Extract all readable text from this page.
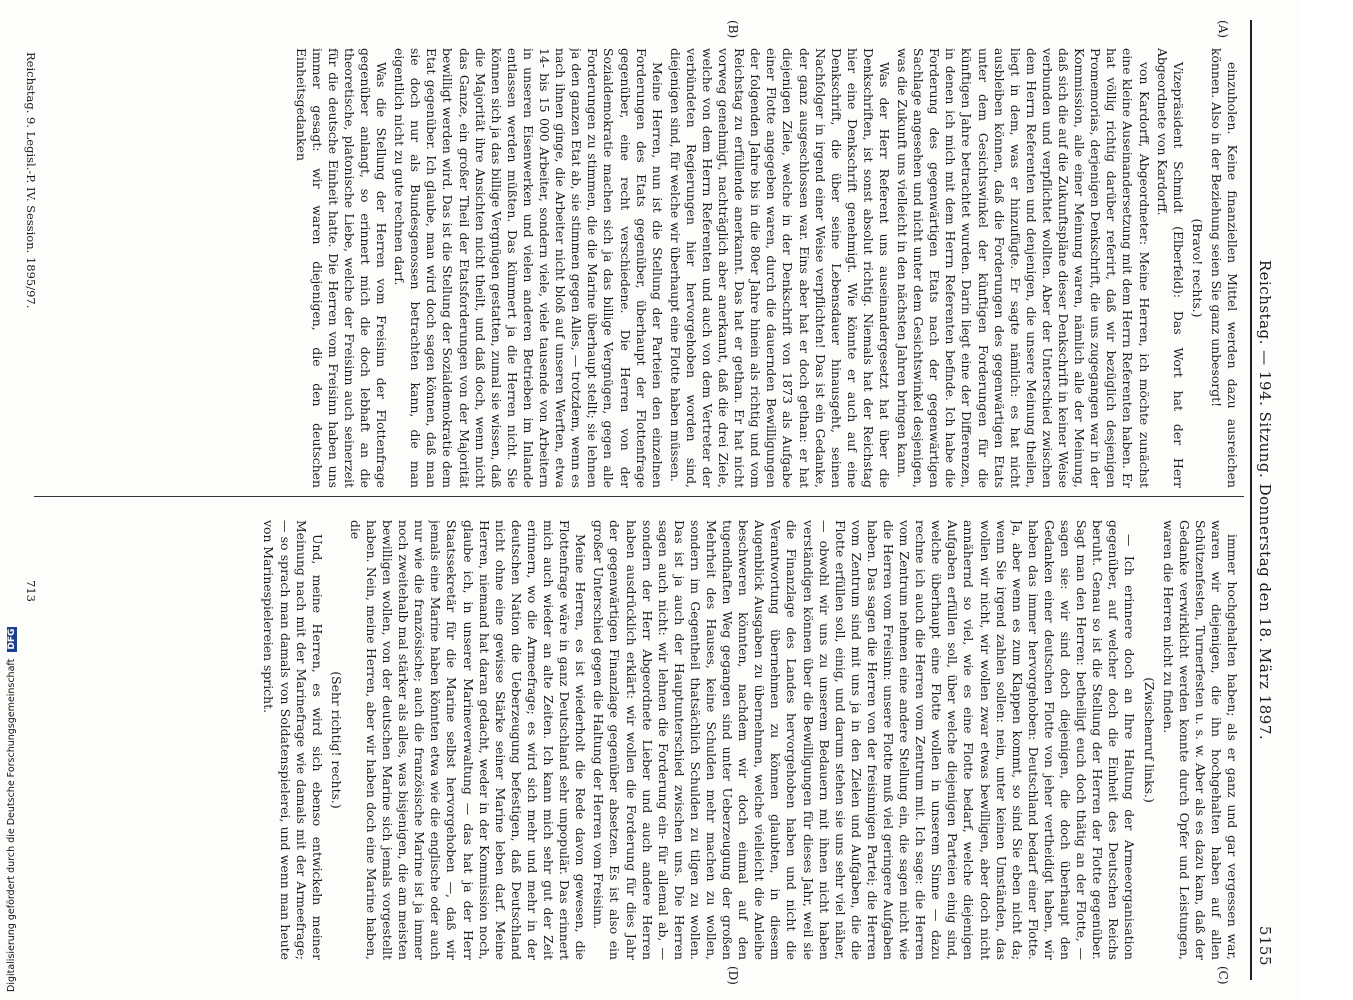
Reichstag. — 194. Sitzung. Donnerstag den 18. März 1897.
5155
(A)
(B)
(C)
(D)

einzuholen. Keine finanziellen Mittel werden dazu ausreichen können. Also in der Beziehung seien Sie ganz unbesorgt!

(Bravo! rechts.)

Vizepräsident Schmidt (Elberfeld): Das Wort hat der Herr Abgeordnete von Kardorff.

von Kardorff, Abgeordneter: Meine Herren, ich möchte zunächst eine kleine Auseinandersetzung mit dem Herrn Referenten haben. Er hat völlig richtig darüber referirt, daß wir bezüglich desjenigen Promemorias, derjenigen Denkschrift, die uns zugegangen war in der Kommission, alle einer Meinung waren, nämlich alle der Meinung, daß sich die auf die Zukunftspläne dieser Denkschrift in keiner Weise verbunden und verpflichtet wollten. Aber der Unterschied zwischen dem Herrn Referenten und denjenigen, die unsere Meinung theilen, liegt in dem, was er hinzufügte. Er sagte nämlich: es hat nicht ausbleiben können, daß die Forderungen des gegenwärtigen Etats unter dem Gesichtswinkel der künftigen Forderungen für die künftigen Jahre betrachtet wurden. Darin liegt eine der Differenzen, in denen ich mich mit dem Herrn Referenten befinde. Ich habe die Forderung des gegenwärtigen Etats nach der gegenwärtigen Sachlage angesehen und nicht unter dem Gesichtswinkel desjenigen, was die Zukunft uns vielleicht in den nächsten Jahren bringen kann.

Was der Herr Referent uns auseinandergesetzt hat über die Denkschriften, ist sonst absolut richtig. Niemals hat der Reichstag hier eine Denkschrift genehmigt. Wie könnte er auch auf eine Denkschrift, die über seine Lebensdauer hinausgeht, seinen Nachfolger in irgend einer Weise verpflichten! Das ist ein Gedanke, der ganz ausgeschlossen war. Eins aber hat er doch gethan: er hat diejenigen Ziele, welche in der Denkschrift von 1873 als Aufgabe einer Flotte angegeben waren, durch die dauernden Bewilligungen der folgenden Jahre bis in die 80er Jahre hinein als richtig und vom Reichstag zu erfüllende anerkannt. Das hat er gethan. Er hat nicht vorweg genehmigt, nachträglich aber anerkannt, daß die drei Ziele, welche von dem Herrn Referenten und auch von dem Vertreter der verbündeten Regierungen hier hervorgehoben worden sind, diejenigen sind, für welche wir überhaupt eine Flotte haben müssen.

Meine Herren, nun ist die Stellung der Parteien den einzelnen Forderungen des Etats gegenüber, überhaupt der Flottenfrage gegenüber, eine recht verschiedene. Die Herren von der Sozialdemokratie machen sich ja das billige Vergnügen, gegen alle Forderungen zu stimmen, die die Marine überhaupt stellt; sie lehnen ja den ganzen Etat ab, sie stimmen gegen Alles, — trotzdem, wenn es nach ihnen ginge, die Arbeiter nicht bloß auf unseren Werften, etwa 14- bis 15 000 Arbeiter, sondern viele, viele tausende von Arbeitern in unseren Eisenwerken und vielen anderen Betrieben im Inlande entlassen werden müßten. Das kümmert ja die Herren nicht. Sie können sich ja das billige Vergnügen gestatten, zumal sie wissen, daß die Majorität ihre Ansichten nicht theilt, und daß doch, wenn nicht das Ganze, ein großer Theil der Etatsforderungen von der Majorität bewilligt werden wird. Das ist die Stellung der Sozialdemokratie dem Etat gegenüber. Ich glaube, man wird doch sagen können, daß man sie doch nur als Bundesgenossen betrachten kann, die man eigentlich nicht zu gute rechnen darf.

Was die Stellung der Herren vom Freisinn der Flottenfrage gegenüber anlangt, so erinnert mich die doch lebhaft an die theoretische, platonische Liebe, welche der Freisinn auch seinerzeit für die deutsche Einheit hatte. Die Herren vom Freisinn haben uns immer gesagt: wir waren diejenigen, die den deutschen Einheitsgedanken

immer hochgehalten haben; als er ganz und gar vergessen war, waren wir diejenigen, die ihn hochgehalten haben auf allen Schützenfesten, Turnerfesten u. s. w. Aber als es dazu kam, daß der Gedanke verwirklicht werden konnte durch Opfer und Leistungen, waren die Herren nicht zu finden.

(Zwischenruf links.)

— Ich erinnere doch an Ihre Haltung der Armeeorganisation gegenüber, auf welcher doch die Einheit des Deutschen Reichs beruht. Genau so ist die Stellung der Herren der Flotte gegenüber. Sagt man den Herren: betheiligt euch doch thätig an der Flotte, — sagen sie: wir sind doch diejenigen, die doch überhaupt den Gedanken einer deutschen Flotte von jeher vertheidigt haben, wir haben das immer hervorgehoben: Deutschland bedarf einer Flotte. Ja, aber wenn es zum Klappen kommt, so sind Sie eben nicht da; wenn Sie irgend zahlen sollen: nein, unter keinen Umständen, das wollen wir nicht, wir wollen zwar etwas bewilligen, aber doch nicht annähernd so viel, wie es eine Flotte bedarf, welche diejenigen Aufgaben erfüllen soll, über welche diejenigen Parteien einig sind, welche überhaupt eine Flotte wollen in unserem Sinne — dazu rechne ich auch die Herren vom Zentrum mit. Ich sage: die Herren vom Zentrum nehmen eine andere Stellung ein, die sagen nicht wie die Herren vom Freisinn: unsere Flotte muß viel geringere Aufgaben haben. Das sagen die Herren von der freisinnigen Partei; die Herren vom Zentrum sind mit uns ja in den Zielen und Aufgaben, die die Flotte erfüllen soll, einig, und darum stehen sie uns sehr viel näher, — obwohl wir uns zu unserem Bedauern mit ihnen nicht haben verständigen können über die Bewilligungen für dieses Jahr, weil sie die Finanzlage des Landes hervorgehoben haben und nicht die Verantwortung übernehmen zu können glaubten, in diesem Augenblick Ausgaben zu übernehmen, welche vielleicht die Anleihe beschweren könnten, nachdem wir doch einmal auf den tugendhaften Weg gegangen sind unter Ueberzeugung der großen Mehrheit des Hauses, keine Schulden mehr machen zu wollen, sondern im Gegentheil thatsächlich Schulden zu tilgen zu wollen. Das ist ja auch der Hauptunterschied zwischen uns. Die Herren sagen auch nicht: wir lehnen die Forderung ein- für allemal ab, — sondern der Herr Abgeordnete Lieber und auch andere Herren haben ausdrücklich erklärt: wir wollen die Forderung für dies Jahr der gegenwärtigen Finanzlage gegenüber absetzen. Es ist also ein großer Unterschied gegen die Haltung der Herren vom Freisinn.

Meine Herren, es ist wiederholt die Rede davon gewesen, die Flottenfrage wäre in ganz Deutschland sehr unpopulär. Das erinnert mich auch wieder an alte Zeiten. Ich kann mich sehr gut der Zeit erinnern, wo die Armeefrage; es wird sich mehr und mehr in der deutschen Nation die Ueberzeugung befestigen, daß Deutschland nicht ohne eine gewisse Stärke seiner Marine leben darf. Meine Herren, niemand hat daran gedacht, weder in der Kommission noch, glaube ich, in unserer Marineverwaltung — das hat ja der Herr Staatssekretär für die Marine selbst hervorgehoben —, daß wir jemals eine Marine haben könnten etwa wie die englische oder auch nur wie die französische; auch die französische Marine ist ja immer noch zweitehalb mal stärker als alles, was bisjenigen, die am meisten bewilligen wollen, von der deutschen Marine sich jemals vorgestellt haben. Nein, meine Herren, aber wir haben doch eine Marine haben, die

(Sehr richtig! rechts.)

Und, meine Herren, es wird sich ebenso entwickeln meiner Meinung nach mit der Marinefrage wie damals mit der Armeefrage; — so sprach man damals von Soldatenspielerei, und wenn man heute von Marinespielereien spricht.

Reichstag. 9. Legisl.-P. IV. Session. 1895/97.
713
Digitalisierung gefördert durch die Deutsche Forschungsgemeinschaft DFG
